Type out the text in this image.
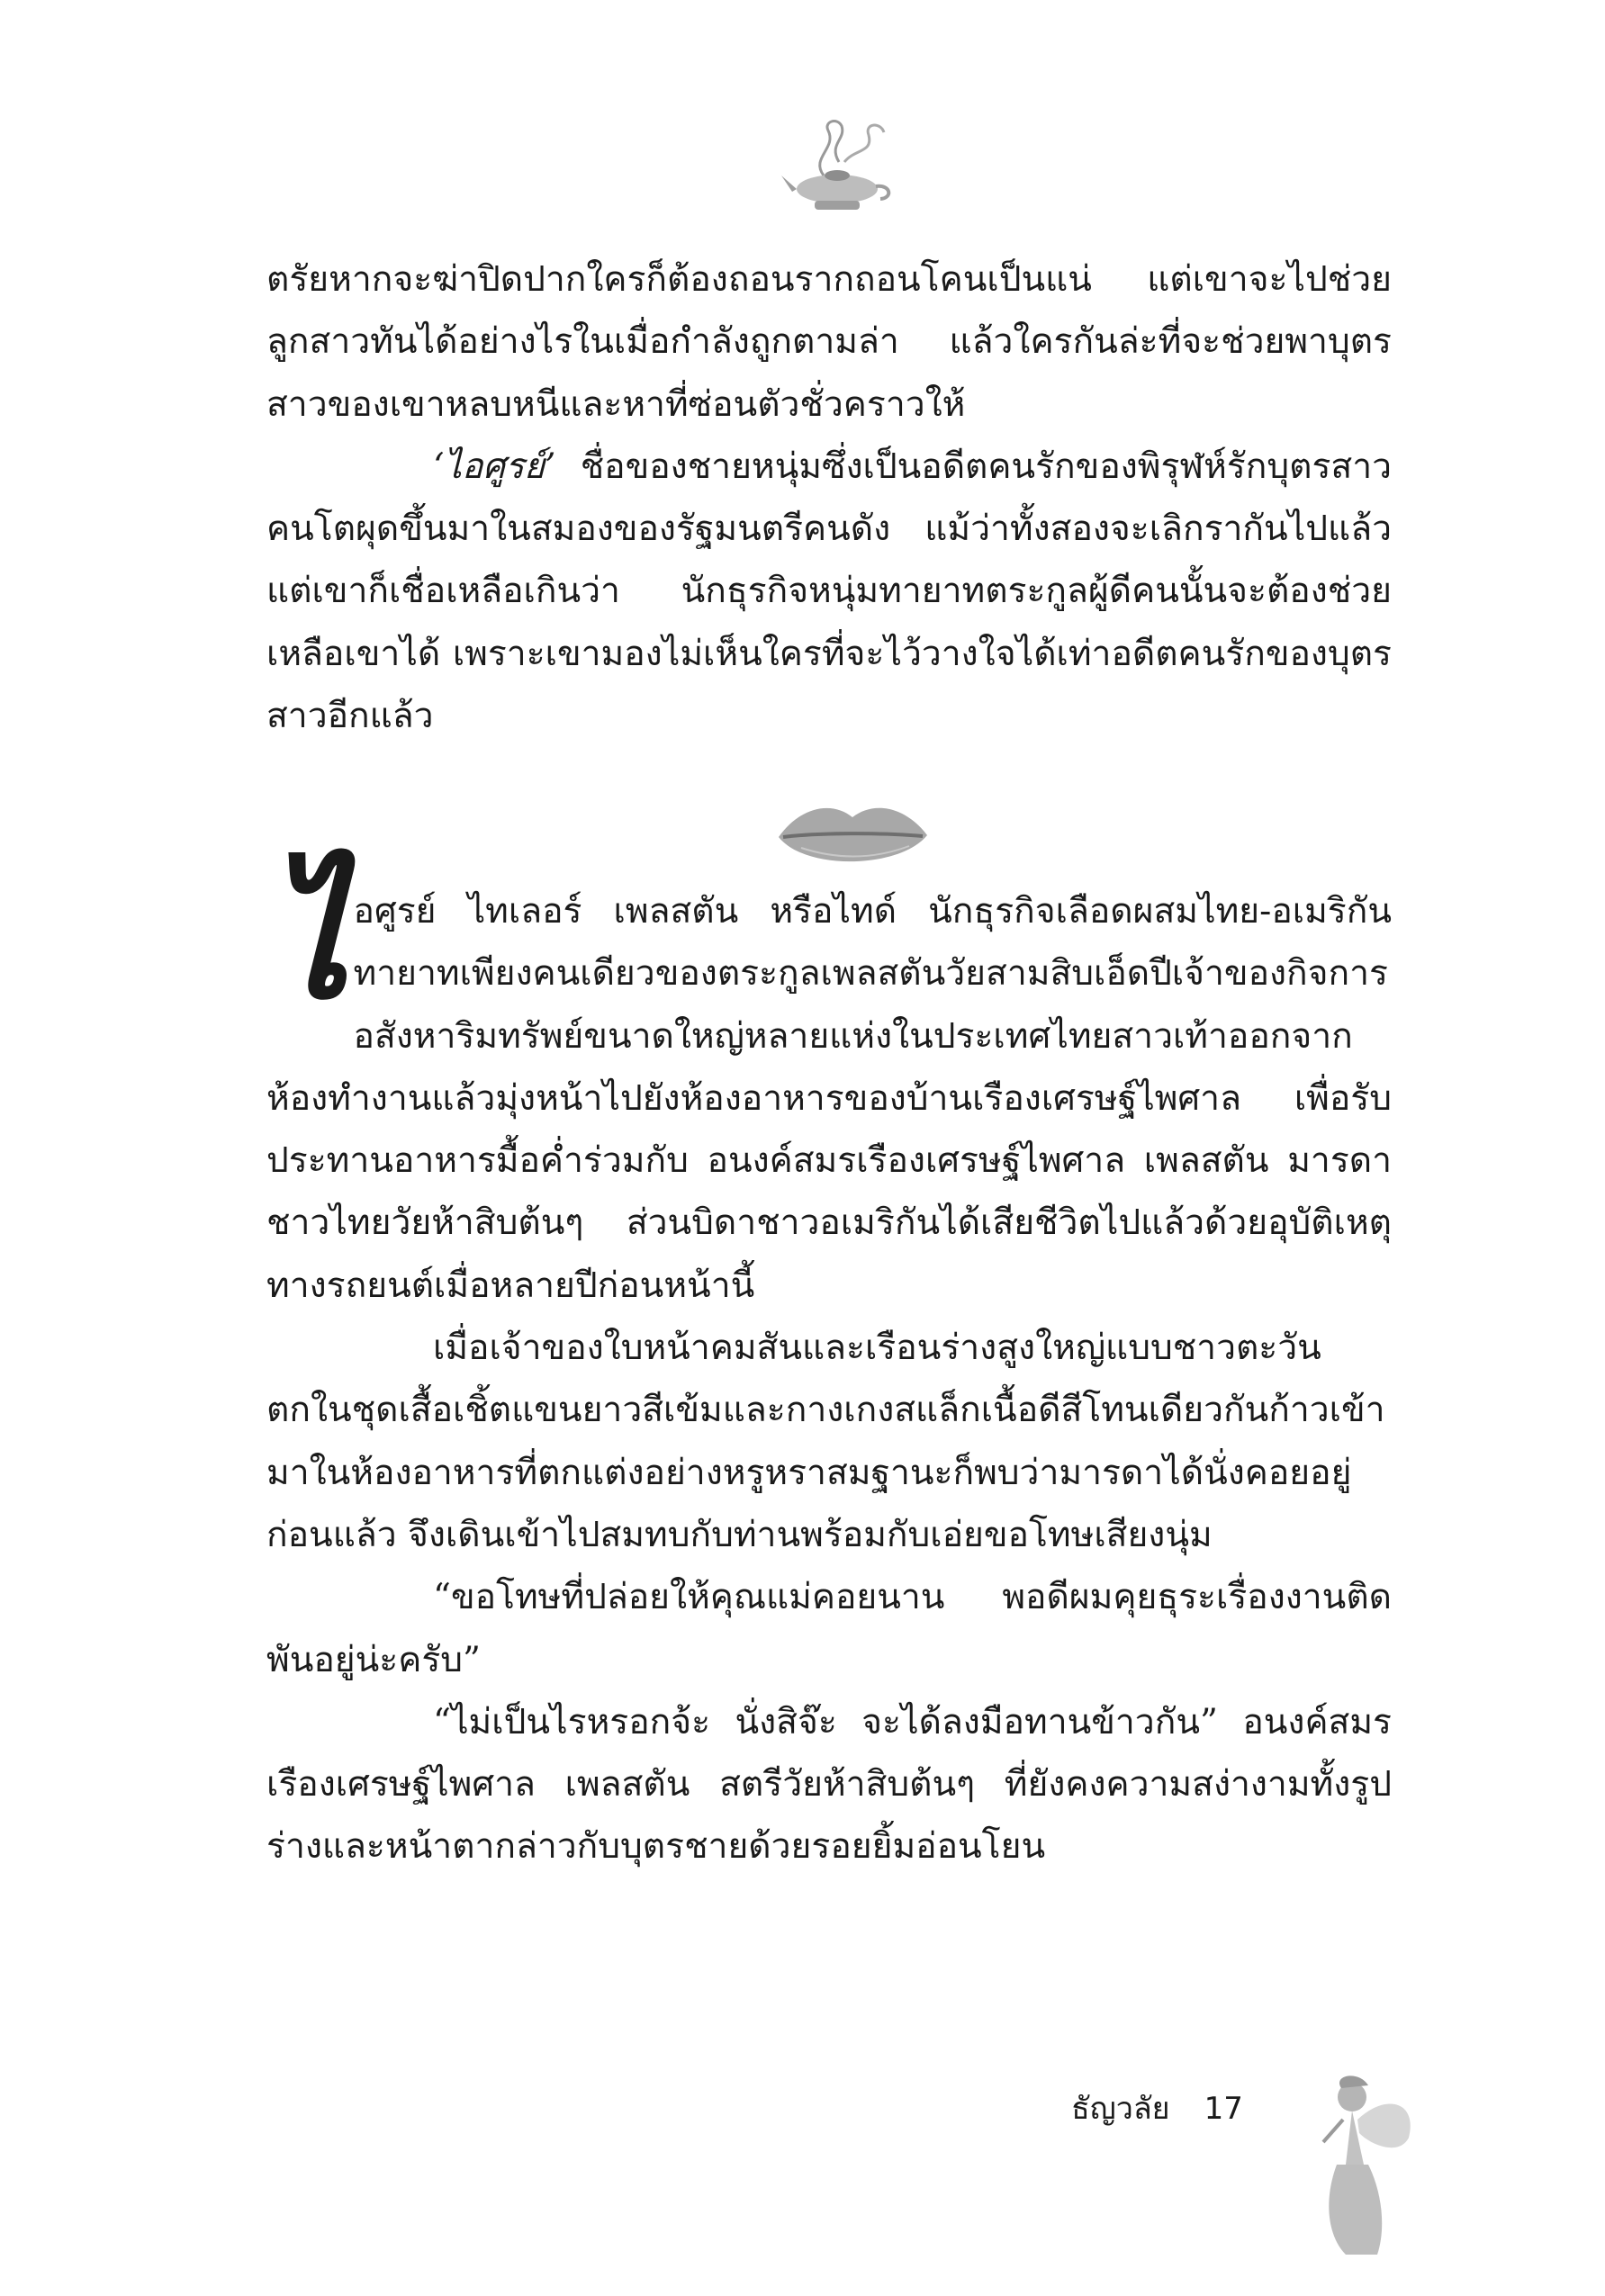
ตรัยหากจะฆ่าปิดปากใครก็ต้องถอนรากถอนโคนเป็นแน่ แต่เขาจะไปช่วยลูกสาวทันได้อย่างไรในเมื่อกำลังถูกตามล่า แล้วใครกันล่ะที่จะช่วยพาบุตรสาวของเขาหลบหนีและหาที่ซ่อนตัวชั่วคราวให้

‘ไอศูรย์’ ชื่อของชายหนุ่มซึ่งเป็นอดีตคนรักของพิรุฬห์รักบุตรสาวคนโตผุดขึ้นมาในสมองของรัฐมนตรีคนดัง แม้ว่าทั้งสองจะเลิกรากันไปแล้ว แต่เขาก็เชื่อเหลือเกินว่า นักธุรกิจหนุ่มทายาทตระกูลผู้ดีคนนั้นจะต้องช่วยเหลือเขาได้ เพราะเขามองไม่เห็นใครที่จะไว้วางใจได้เท่าอดีตคนรักของบุตรสาวอีกแล้ว

ไอศูรย์ ไทเลอร์ เพลสตัน หรือไทด์ นักธุรกิจเลือดผสมไทย-อเมริกัน ทายาทเพียงคนเดียวของตระกูลเพลสตันวัยสามสิบเอ็ดปีเจ้าของกิจการอสังหาริมทรัพย์ขนาดใหญ่หลายแห่งในประเทศไทยสาวเท้าออกจากห้องทำงานแล้วมุ่งหน้าไปยังห้องอาหารของบ้านเรืองเศรษฐ์ไพศาล เพื่อรับประทานอาหารมื้อค่ำร่วมกับ อนงค์สมรเรืองเศรษฐ์ไพศาล เพลสตัน มารดาชาวไทยวัยห้าสิบต้นๆ ส่วนบิดาชาวอเมริกันได้เสียชีวิตไปแล้วด้วยอุบัติเหตุทางรถยนต์เมื่อหลายปีก่อนหน้านี้

เมื่อเจ้าของใบหน้าคมสันและเรือนร่างสูงใหญ่แบบชาวตะวันตกในชุดเสื้อเชิ้ตแขนยาวสีเข้มและกางเกงสแล็กเนื้อดีสีโทนเดียวกันก้าวเข้ามาในห้องอาหารที่ตกแต่งอย่างหรูหราสมฐานะก็พบว่ามารดาได้นั่งคอยอยู่ก่อนแล้ว จึงเดินเข้าไปสมทบกับท่านพร้อมกับเอ่ยขอโทษเสียงนุ่ม

“ขอโทษที่ปล่อยให้คุณแม่คอยนาน พอดีผมคุยธุระเรื่องงานติดพันอยู่น่ะครับ”

“ไม่เป็นไรหรอกจ้ะ นั่งสิจ๊ะ จะได้ลงมือทานข้าวกัน” อนงค์สมรเรืองเศรษฐ์ไพศาล เพลสตัน สตรีวัยห้าสิบต้นๆ ที่ยังคงความสง่างามทั้งรูปร่างและหน้าตากล่าวกับบุตรชายด้วยรอยยิ้มอ่อนโยน

ธัญวลัย 17
